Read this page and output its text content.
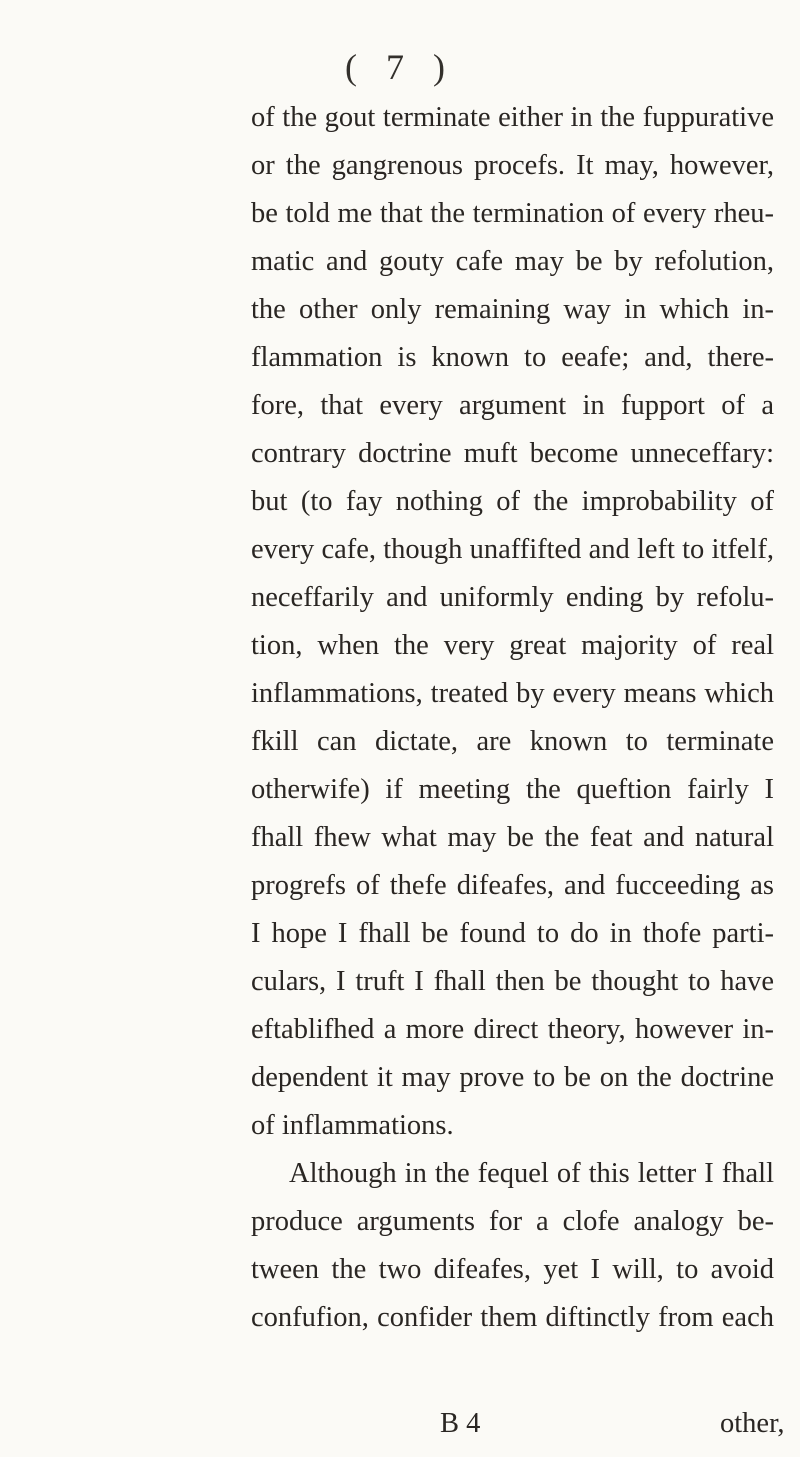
( 7 )
of the gout terminate either in the fuppurative
or the gangrenous procefs. It may, however,
be told me that the termination of every rheu-
matic and gouty cafe may be by refolution,
the other only remaining way in which in-
flammation is known to eeafe; and, there-
fore, that every argument in fupport of a
contrary doctrine muft become unneceffary:
but (to fay nothing of the improbability of
every cafe, though unaffifted and left to itfelf,
neceffarily and uniformly ending by refolu-
tion, when the very great majority of real
inflammations, treated by every means which
fkill can dictate, are known to terminate
otherwife) if meeting the queftion fairly I
fhall fhew what may be the feat and natural
progrefs of thefe difeafes, and fucceeding as
I hope I fhall be found to do in thofe parti-
culars, I truft I fhall then be thought to have
eftablifhed a more direct theory, however in-
dependent it may prove to be on the doctrine
of inflammations.
Although in the fequel of this letter I fhall
produce arguments for a clofe analogy be-
tween the two difeafes, yet I will, to avoid
confufion, confider them diftinctly from each
B 4	other,
